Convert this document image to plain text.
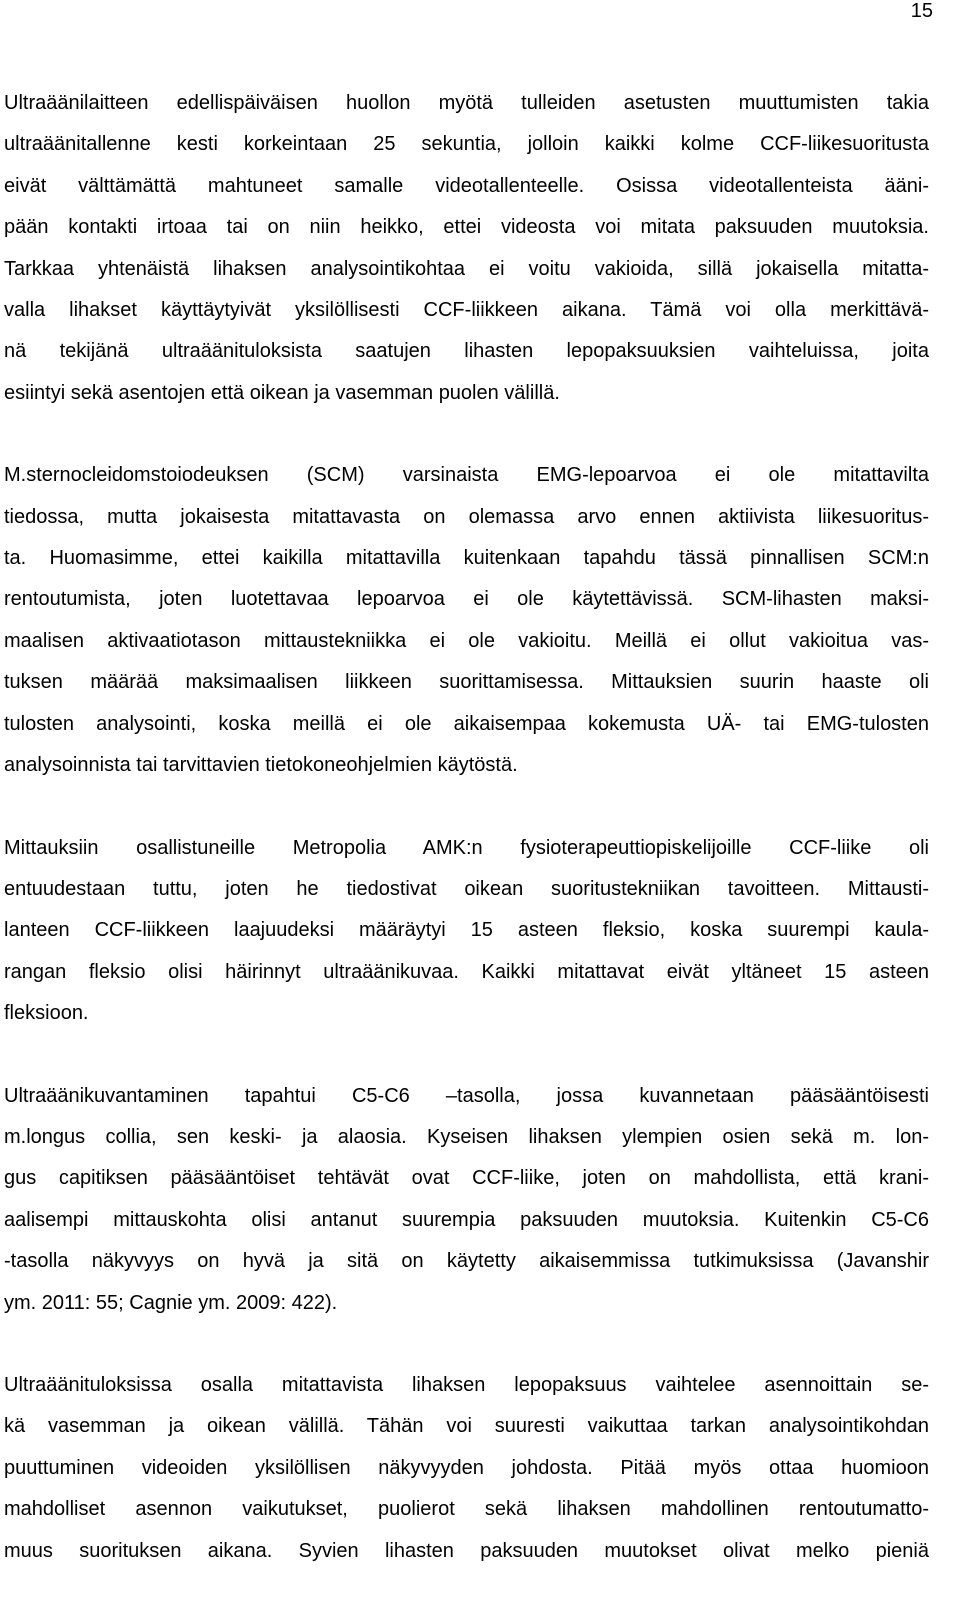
15

Ultraäänilaitteen edellispäiväisen huollon myötä tulleiden asetusten muuttumisten takia
ultraäänitallenne kesti korkeintaan 25 sekuntia, jolloin kaikki kolme CCF-liikesuoritusta
eivät välttämättä mahtuneet samalle videotallenteelle. Osissa videotallenteista ääni-
pään kontakti irtoaa tai on niin heikko, ettei videosta voi mitata paksuuden muutoksia.
Tarkkaa yhtenäistä lihaksen analysointikohtaa ei voitu vakioida, sillä jokaisella mitatta-
valla lihakset käyttäytyivät yksilöllisesti CCF-liikkeen aikana. Tämä voi olla merkittävä-
nä tekijänä ultraäänituloksista saatujen lihasten lepopaksuuksien vaihteluissa, joita
esiintyi sekä asentojen että oikean ja vasemman puolen välillä.

M.sternocleidomstoiodeuksen (SCM) varsinaista EMG-lepoarvoa ei ole mitattavilta
tiedossa, mutta jokaisesta mitattavasta on olemassa arvo ennen aktiivista liikesuoritus-
ta. Huomasimme, ettei kaikilla mitattavilla kuitenkaan tapahdu tässä pinnallisen SCM:n
rentoutumista, joten luotettavaa lepoarvoa ei ole käytettävissä. SCM-lihasten maksi-
maalisen aktivaatiotason mittaustekniikka ei ole vakioitu. Meillä ei ollut vakioitua vas-
tuksen määrää maksimaalisen liikkeen suorittamisessa. Mittauksien suurin haaste oli
tulosten analysointi, koska meillä ei ole aikaisempaa kokemusta UÄ- tai EMG-tulosten
analysoinnista tai tarvittavien tietokoneohjelmien käytöstä.

Mittauksiin osallistuneille Metropolia AMK:n fysioterapeuttiopiskelijoille CCF-liike oli
entuudestaan tuttu, joten he tiedostivat oikean suoritustekniikan tavoitteen. Mittausti-
lanteen CCF-liikkeen laajuudeksi määräytyi 15 asteen fleksio, koska suurempi kaula-
rangan fleksio olisi häirinnyt ultraäänikuvaa. Kaikki mitattavat eivät yltäneet 15 asteen
fleksioon.

Ultraäänikuvantaminen tapahtui C5-C6 –tasolla, jossa kuvannetaan pääsääntöisesti
m.longus collia, sen keski- ja alaosia. Kyseisen lihaksen ylempien osien sekä m. lon-
gus capitiksen pääsääntöiset tehtävät ovat CCF-liike, joten on mahdollista, että krani-
aalisempi mittauskohta olisi antanut suurempia paksuuden muutoksia. Kuitenkin C5-C6
-tasolla näkyvyys on hyvä ja sitä on käytetty aikaisemmissa tutkimuksissa (Javanshir
ym. 2011: 55; Cagnie ym. 2009: 422).

Ultraäänituloksissa osalla mitattavista lihaksen lepopaksuus vaihtelee asennoittain se-
kä vasemman ja oikean välillä. Tähän voi suuresti vaikuttaa tarkan analysointikohdan
puuttuminen videoiden yksilöllisen näkyvyyden johdosta. Pitää myös ottaa huomioon
mahdolliset asennon vaikutukset, puolierot sekä lihaksen mahdollinen rentoutumatto-
muus suorituksen aikana. Syvien lihasten paksuuden muutokset olivat melko pieniä
